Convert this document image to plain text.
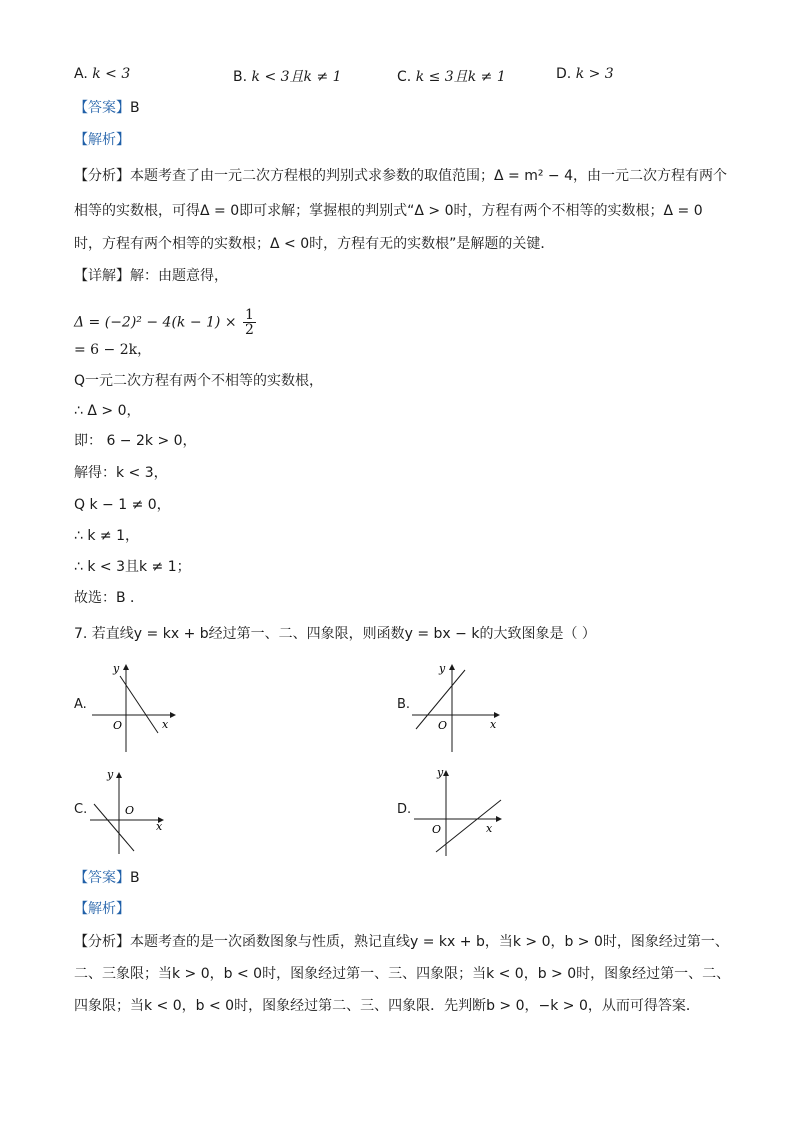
A. k < 3	B. k < 3且k ≠ 1	C. k ≤ 3且k ≠ 1	D. k > 3
【答案】B
【解析】
【分析】本题考查了由一元二次方程根的判别式求参数的取值范围；Δ = m² − 4，由一元二次方程有两个
相等的实数根，可得Δ = 0即可求解；掌握根的判别式“Δ > 0时，方程有两个不相等的实数根；Δ = 0
时，方程有两个相等的实数根；Δ < 0时，方程有无的实数根”是解题的关键．
【详解】解：由题意得，
$\Delta = (-2)^2 - 4(k - 1) \times \frac{1}{2}$
= 6 − 2k，
Q一元二次方程有两个不相等的实数根，
∴ Δ > 0，
即： 6 − 2k > 0，
解得：k < 3，
Q k − 1 ≠ 0，
∴ k ≠ 1，
∴ k < 3且k ≠ 1；
故选：B ．
7. 若直线y = kx + b经过第一、二、四象限，则函数y = bx − k的大致图象是（ ）
A.
x
y
O
B.
x
y
O
C.
x
y
O	D.
x
y
O
【答案】B
【解析】
【分析】本题考查的是一次函数图象与性质，熟记直线y = kx + b，当k > 0，b > 0时，图象经过第一、
二、三象限；当k > 0，b < 0时，图象经过第一、三、四象限；当k < 0，b > 0时，图象经过第一、二、
四象限；当k < 0，b < 0时，图象经过第二、三、四象限．先判断b > 0，−k > 0，从而可得答案．
